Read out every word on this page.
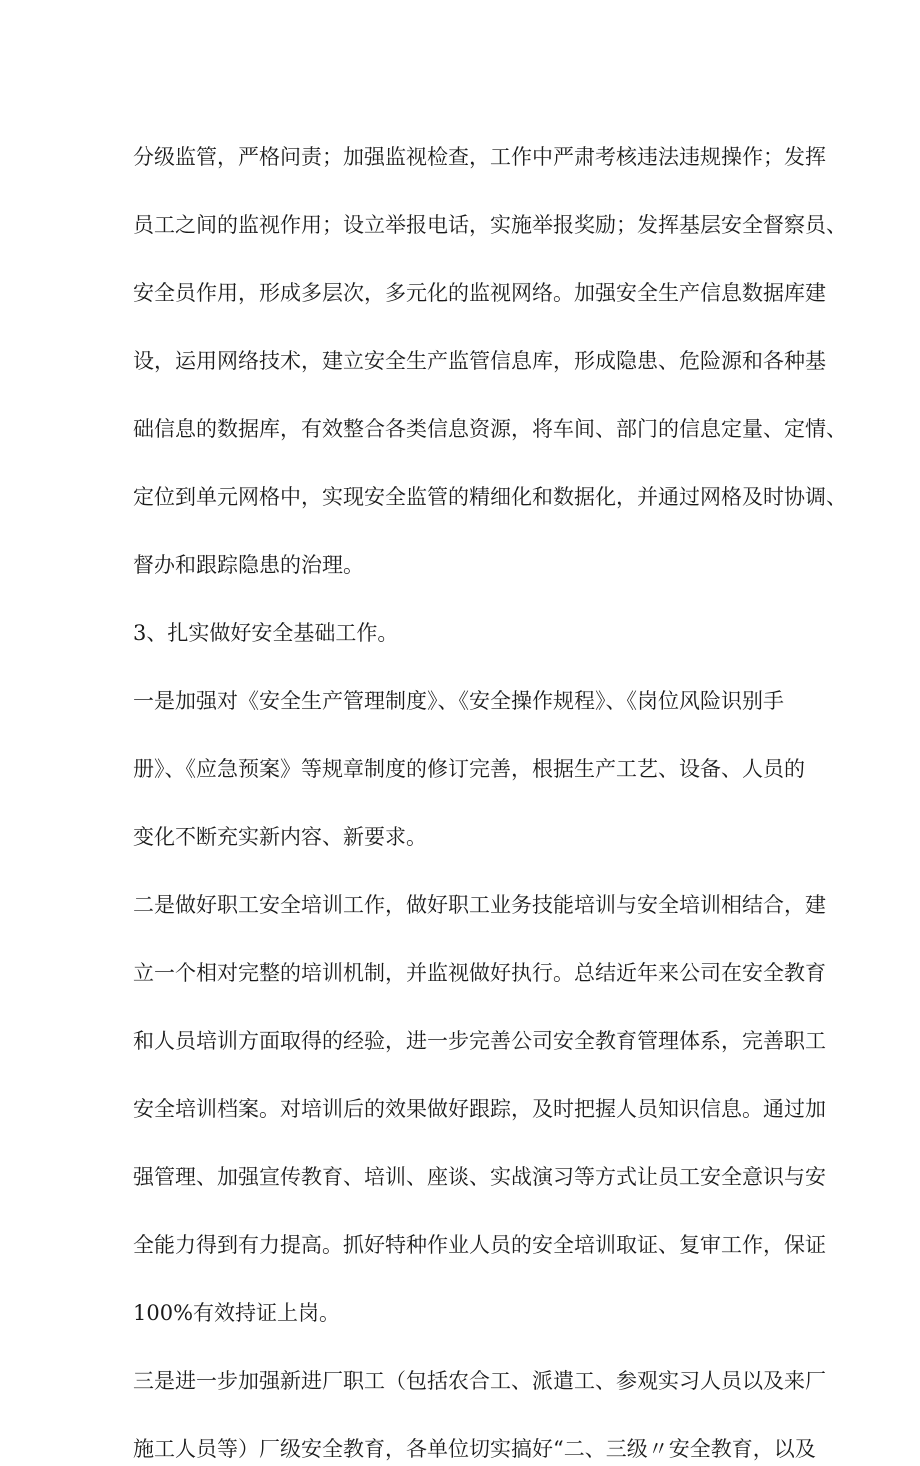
分级监管，严格问责；加强监视检查，工作中严肃考核违法违规操作；发挥
员工之间的监视作用；设立举报电话，实施举报奖励；发挥基层安全督察员、
安全员作用，形成多层次，多元化的监视网络。加强安全生产信息数据库建
设，运用网络技术，建立安全生产监管信息库，形成隐患、危险源和各种基
础信息的数据库，有效整合各类信息资源，将车间、部门的信息定量、定情、
定位到单元网格中，实现安全监管的精细化和数据化，并通过网格及时协调、
督办和跟踪隐患的治理。
3、扎实做好安全基础工作。
一是加强对《安全生产管理制度》、《安全操作规程》、《岗位风险识别手
册》、《应急预案》等规章制度的修订完善，根据生产工艺、设备、人员的
变化不断充实新内容、新要求。
二是做好职工安全培训工作，做好职工业务技能培训与安全培训相结合，建
立一个相对完整的培训机制，并监视做好执行。总结近年来公司在安全教育
和人员培训方面取得的经验，进一步完善公司安全教育管理体系，完善职工
安全培训档案。对培训后的效果做好跟踪，及时把握人员知识信息。通过加
强管理、加强宣传教育、培训、座谈、实战演习等方式让员工安全意识与安
全能力得到有力提高。抓好特种作业人员的安全培训取证、复审工作，保证
100%有效持证上岗。
三是进一步加强新进厂职工（包括农合工、派遣工、参观实习人员以及来厂
施工人员等）厂级安全教育，各单位切实搞好“二、三级〃安全教育，以及
